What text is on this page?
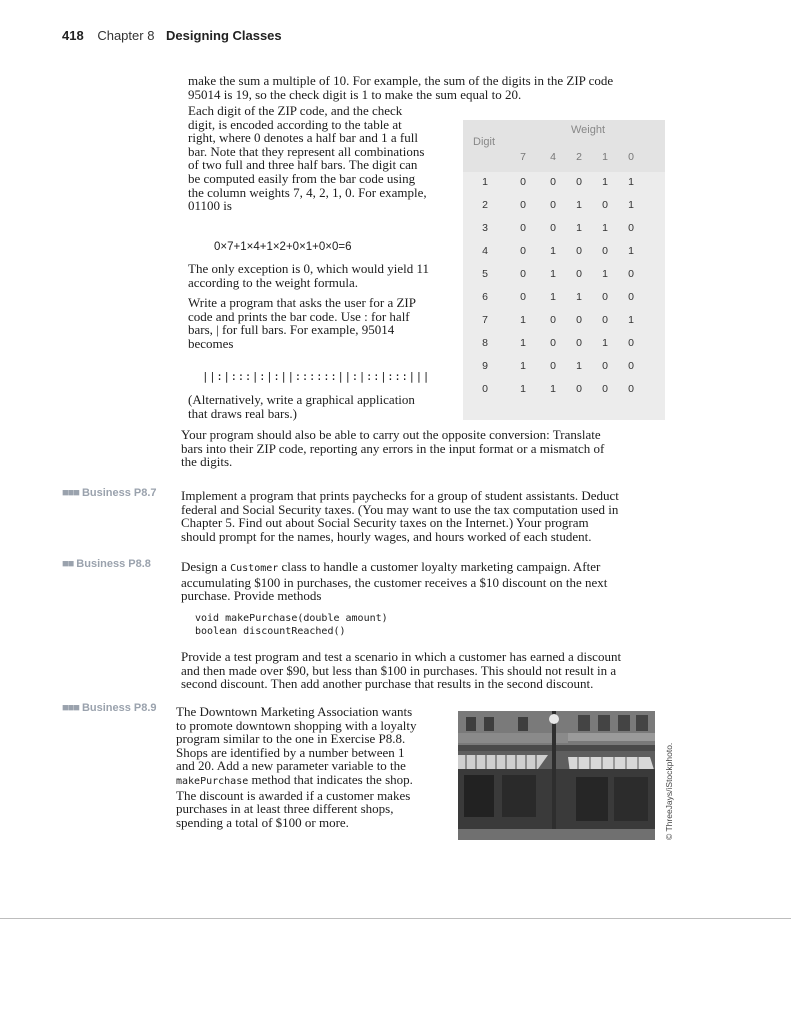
418 Chapter 8 Designing Classes
make the sum a multiple of 10. For example, the sum of the digits in the ZIP code
95014 is 19, so the check digit is 1 to make the sum equal to 20.
Each digit of the ZIP code, and the check
digit, is encoded according to the table at
right, where 0 denotes a half bar and 1 a full
bar. Note that they represent all combinations
of two full and three half bars. The digit can
be computed easily from the bar code using
the column weights 7, 4, 2, 1, 0. For example,
01100 is
0×7+1×4+1×2+0×1+0×0=6
The only exception is 0, which would yield 11
according to the weight formula.
Write a program that asks the user for a ZIP
code and prints the bar code. Use : for half
bars, | for full bars. For example, 95014
becomes
||:|:::|:|:||::::::||:|::|:::|||
(Alternatively, write a graphical application
that draws real bars.)
Your program should also be able to carry out the opposite conversion: Translate
bars into their ZIP code, reporting any errors in the input format or a mismatch of
the digits.
Digit
Weight
7	4	2	1	0
1	0	0	0	1	1
2	0	0	1	0	1
3	0	0	1	1	0
4	0	1	0	0	1
5	0	1	0	1	0
6	0	1	1	0	0
7	1	0	0	0	1
8	1	0	0	1	0
9	1	0	1	0	0
0	1	1	0	0	0
■■■ Business P8.7 Implement a program that prints paychecks for a group of student assistants. Deduct
federal and Social Security taxes. (You may want to use the tax computation used in
Chapter 5. Find out about Social Security taxes on the Internet.) Your program
should prompt for the names, hourly wages, and hours worked of each student.
■■ Business P8.8 Design a Customer class to handle a customer loyalty marketing campaign. After
accumulating $100 in purchases, the customer receives a $10 discount on the next
purchase. Provide methods
void makePurchase(double amount)
boolean discountReached()
Provide a test program and test a scenario in which a customer has earned a discount
and then made over $90, but less than $100 in purchases. This should not result in a
second discount. Then add another purchase that results in the second discount.
■■■ Business P8.9 The Downtown Marketing Association wants
to promote downtown shopping with a loyalty
program similar to the one in Exercise P8.8.
Shops are identified by a number between 1
and 20. Add a new parameter variable to the
makePurchase method that indicates the shop.
The discount is awarded if a customer makes
purchases in at least three different shops,
spending a total of $100 or more.	© ThreeJays/iStockphoto.
